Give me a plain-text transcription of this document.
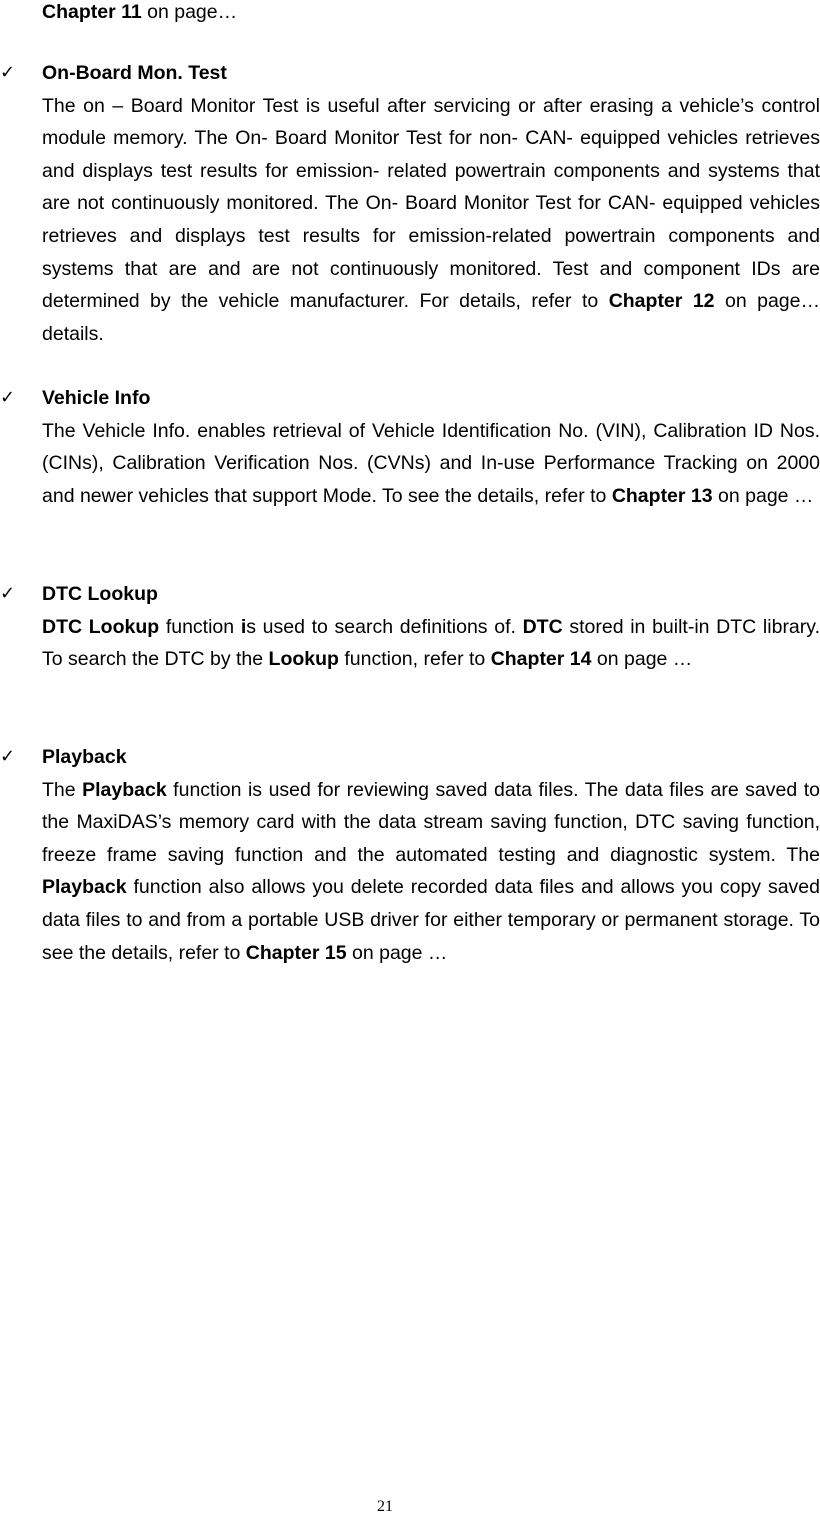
Chapter 11 on page…
✓	On-Board Mon. Test

The on – Board Monitor Test is useful after servicing or after erasing a vehicle’s control module memory. The On- Board Monitor Test for non- CAN- equipped vehicles retrieves and displays test results for emission- related powertrain components and systems that are not continuously monitored. The On- Board Monitor Test for CAN- equipped vehicles retrieves and displays test results for emission-related powertrain components and systems that are and are not continuously monitored. Test and component IDs are determined by the vehicle manufacturer. For details, refer to Chapter 12 on page… details.

✓	Vehicle Info

The Vehicle Info. enables retrieval of Vehicle Identification No. (VIN), Calibration ID Nos. (CINs), Calibration Verification Nos. (CVNs) and In-use Performance Tracking on 2000 and newer vehicles that support Mode. To see the details, refer to Chapter 13 on page …

✓	DTC Lookup

DTC Lookup function is used to search definitions of. DTC stored in built-in DTC library. To search the DTC by the Lookup function, refer to Chapter 14 on page …

✓	Playback

The Playback function is used for reviewing saved data files. The data files are saved to the MaxiDAS’s memory card with the data stream saving function, DTC saving function, freeze frame saving function and the automated testing and diagnostic system. The Playback function also allows you delete recorded data files and allows you copy saved data files to and from a portable USB driver for either temporary or permanent storage. To see the details, refer to Chapter 15 on page …

21
